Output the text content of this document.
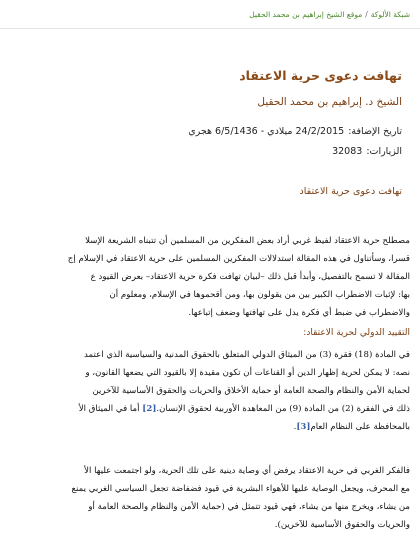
شبكة الألوكة/موقع الشيخ إبراهيم بن محمد الحقيل
تهافت دعوى حرية الاعتقاد
الشيخ د. إبراهيم بن محمد الحقيل
تاريخ الإضافة:24/2/2015 ميلادي - 6/5/1436 هجري
الزيارات:32083
تهافت دعوى حرية الاعتقاد
مصطلح حرية الاعتقاد لفيظ غربي أراد بعض المفكرين من المسلمين أن تتبناه الشريعة الإسلا
قسرا، وسأتناول في هذه المقالة استدلالات المفكرين المسلمين على حرية الاعتقاد في الإسلام إج
المقالة لا تسمح بالتفصيل، وأبدأ قبل ذلك –لبيان تهافت فكرة حرية الاعتقاد– بعرض القيود ع
بها: لإثبات الاضطراب الكبير بين من يقولون بها، ومن أقحموها في الإسلام، ومعلوم أن
والاضطراب في ضبط أي فكرة يدل على تهافتها وضعف إتباعها.
التقييد الدولي لحرية الاعتقاد:
في المادة (18) فقرة (3) من الميثاق الدولي المتعلق بالحقوق المدنية والسياسية الذي اعتمد
نصه: لا يمكن لحرية إظهار الدين أو القناعات أن تكون مقيدة إلا بالقيود التي يضعها القانون، و
لحماية الأمن والنظام والصحة العامة أو حماية الأخلاق والحريات والحقوق الأساسية للآخرين
ذلك في الفقرة (2) من المادة (9) من المعاهدة الأوربية لحقوق الإنسان.[2] أما في الميثاق الأ
بالمحافظة على النظام العام[3].
فالفكر الغربي في حرية الاعتقاد يرفض أي وصاية دينية على تلك الحرية، ولو اجتمعت عليها الأ
مع المحرف، ويجعل الوصاية عليها للأهواء البشرية في قيود فضفاضة تجعل السياسي الغربي يمنع
من يشاء، ويخرج منها من يشاء، فهي قيود تتمثل في (حماية الأمن والنظام والصحة العامة أو
والحريات والحقوق الأساسية للآخرين).
